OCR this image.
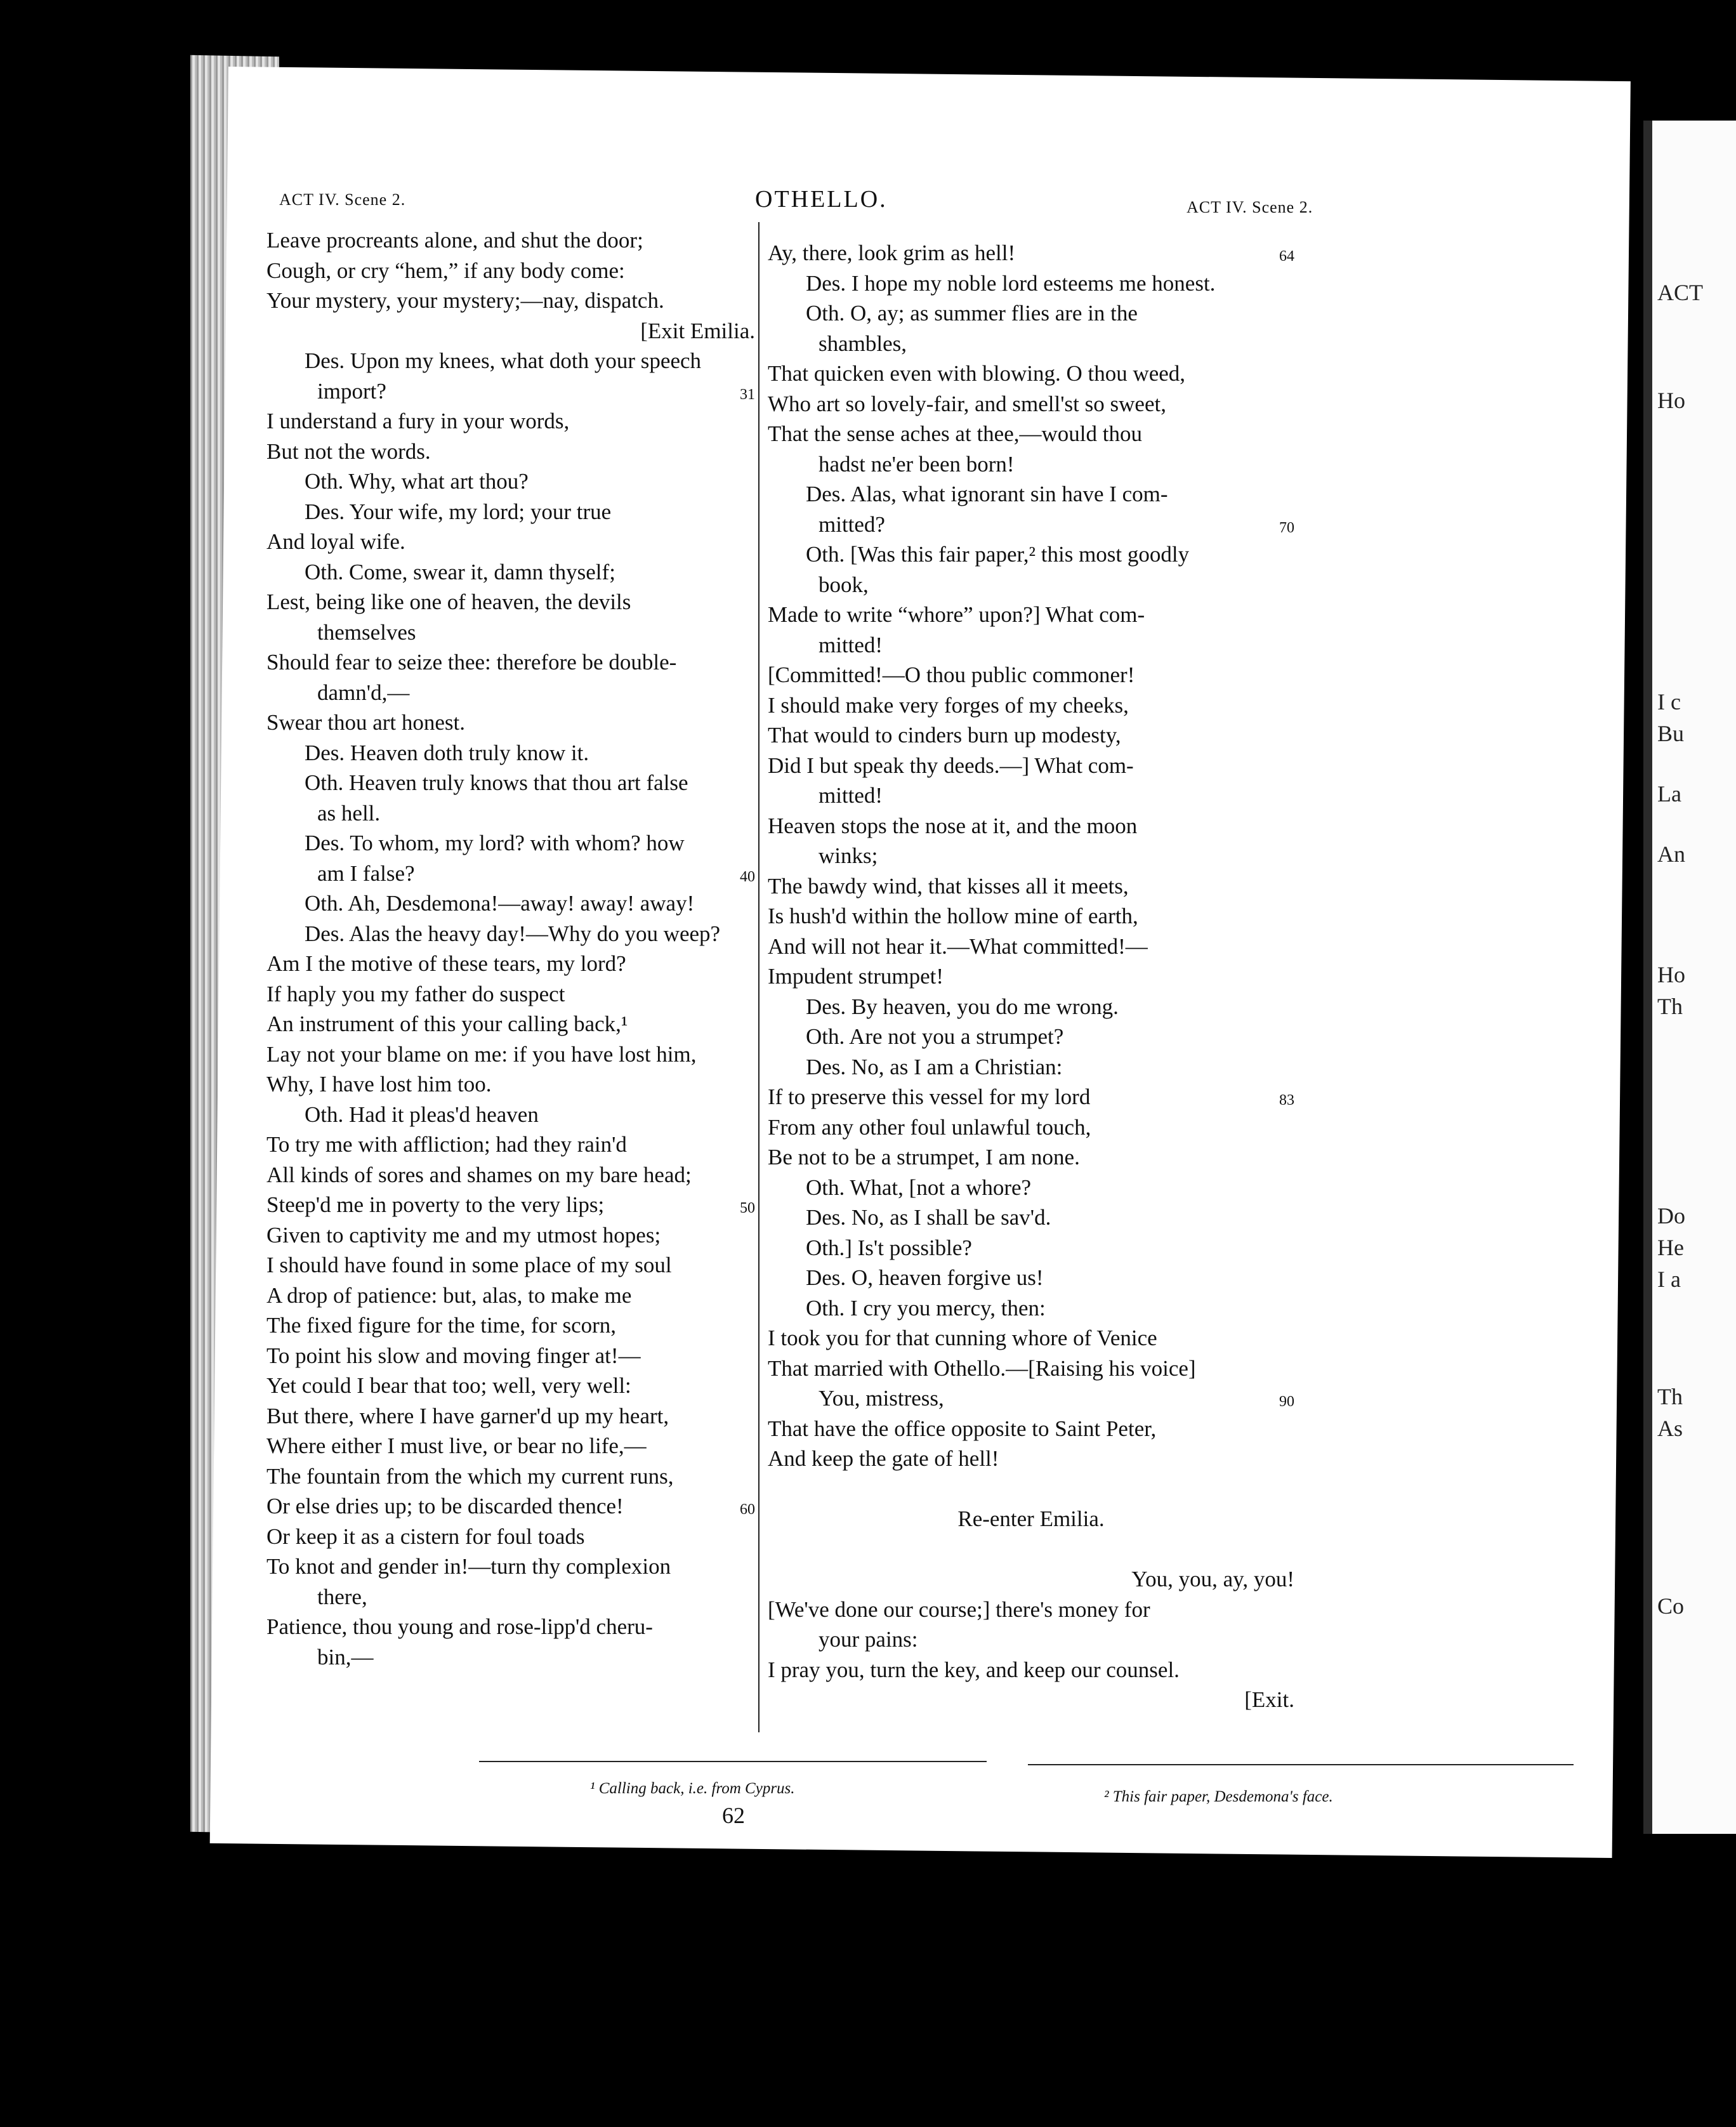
ACT
Ho
I c
Bu
La
An
Ho
Th
Do
He
I a
Th
As
Co
ACT IV. Scene 2.	OTHELLO.	ACT IV. Scene 2.
Leave procreants alone, and shut the door;
Cough, or cry “hem,” if any body come:
Your mystery, your mystery;—nay, dispatch.
[Exit Emilia.
Des. Upon my knees, what doth your speech
import?	31
I understand a fury in your words,
But not the words.
Oth. Why, what art thou?
Des. Your wife, my lord; your true
And loyal wife.
Oth. Come, swear it, damn thyself;
Lest, being like one of heaven, the devils
themselves
Should fear to seize thee: therefore be double-
damn'd,—
Swear thou art honest.
Des. Heaven doth truly know it.
Oth. Heaven truly knows that thou art false
as hell.
Des. To whom, my lord? with whom? how
am I false?	40
Oth. Ah, Desdemona!—away! away! away!
Des. Alas the heavy day!—Why do you weep?
Am I the motive of these tears, my lord?
If haply you my father do suspect
An instrument of this your calling back,¹
Lay not your blame on me: if you have lost him,
Why, I have lost him too.
Oth. Had it pleas'd heaven
To try me with affliction; had they rain'd
All kinds of sores and shames on my bare head;
Steep'd me in poverty to the very lips;	50
Given to captivity me and my utmost hopes;
I should have found in some place of my soul
A drop of patience: but, alas, to make me
The fixed figure for the time, for scorn,
To point his slow and moving finger at!—
Yet could I bear that too; well, very well:
But there, where I have garner'd up my heart,
Where either I must live, or bear no life,—
The fountain from the which my current runs,
Or else dries up; to be discarded thence!	60
Or keep it as a cistern for foul toads
To knot and gender in!—turn thy complexion
there,
Patience, thou young and rose-lipp'd cheru-
bin,—
Ay, there, look grim as hell!	64
Des. I hope my noble lord esteems me honest.
Oth. O, ay; as summer flies are in the
shambles,
That quicken even with blowing. O thou weed,
Who art so lovely-fair, and smell'st so sweet,
That the sense aches at thee,—would thou
hadst ne'er been born!
Des. Alas, what ignorant sin have I com-
mitted?	70
Oth. [Was this fair paper,² this most goodly
book,
Made to write “whore” upon?] What com-
mitted!
[Committed!—O thou public commoner!
I should make very forges of my cheeks,
That would to cinders burn up modesty,
Did I but speak thy deeds.—] What com-
mitted!
Heaven stops the nose at it, and the moon
winks;
The bawdy wind, that kisses all it meets,
Is hush'd within the hollow mine of earth,
And will not hear it.—What committed!—
Impudent strumpet!
Des. By heaven, you do me wrong.
Oth. Are not you a strumpet?
Des. No, as I am a Christian:
If to preserve this vessel for my lord	83
From any other foul unlawful touch,
Be not to be a strumpet, I am none.
Oth. What, [not a whore?
Des. No, as I shall be sav'd.
Oth.] Is't possible?
Des. O, heaven forgive us!
Oth. I cry you mercy, then:
I took you for that cunning whore of Venice
That married with Othello.—[Raising his voice]
You, mistress,	90
That have the office opposite to Saint Peter,
And keep the gate of hell!
Re-enter Emilia.
You, you, ay, you!
[We've done our course;] there's money for
your pains:
I pray you, turn the key, and keep our counsel.
[Exit.
¹ Calling back, i.e. from Cyprus.	² This fair paper, Desdemona's face.
62
